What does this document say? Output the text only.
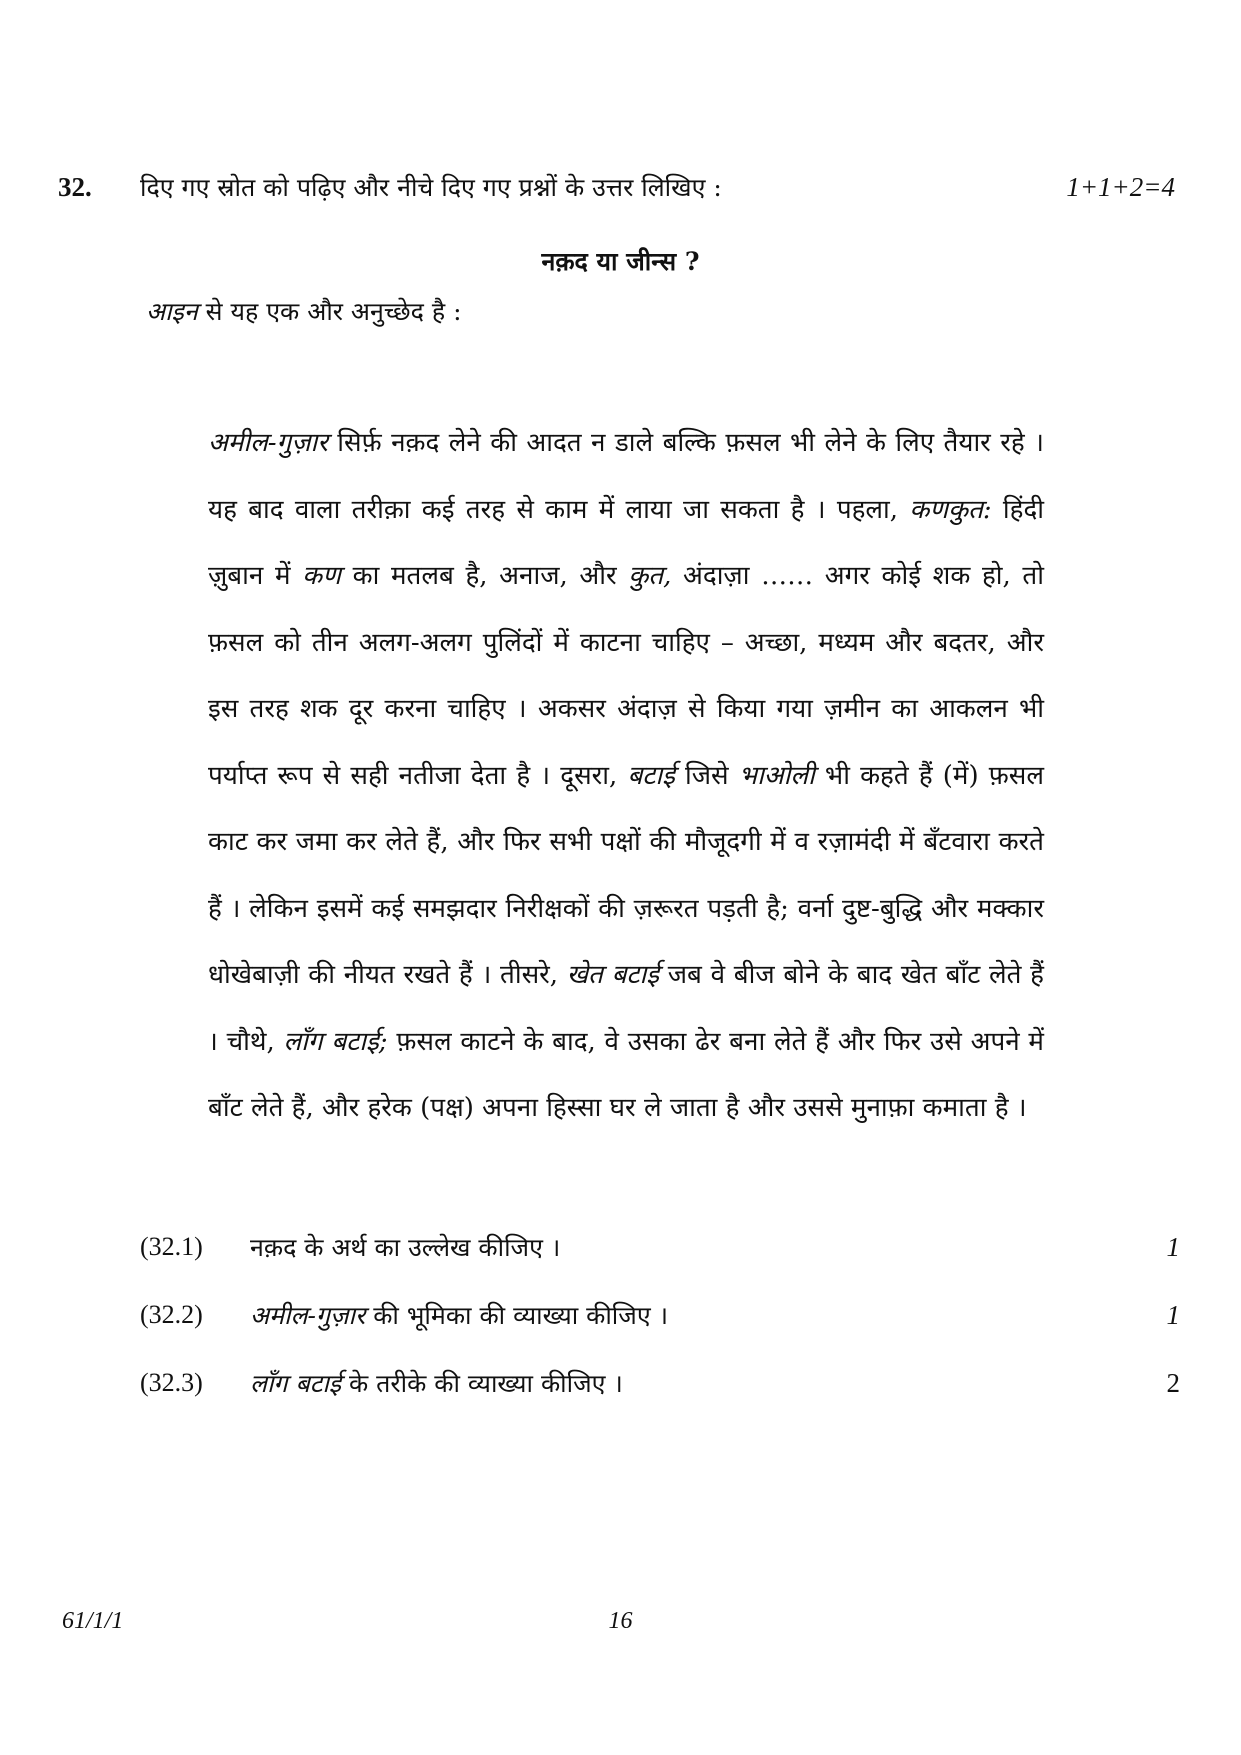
32. दिए गए स्रोत को पढ़िए और नीचे दिए गए प्रश्नों के उत्तर लिखिए :	1+1+2=4
नक़द या जीन्स ?
आइन से यह एक और अनुच्छेद है :

अमील-गुज़ार सिर्फ़ नक़द लेने की आदत न डाले बल्कि फ़सल भी लेने के लिए तैयार रहे । यह बाद वाला तरीक़ा कई तरह से काम में लाया जा सकता है । पहला, कणकुत: हिंदी ज़ुबान में कण का मतलब है, अनाज, और कुत, अंदाज़ा …… अगर कोई शक हो, तो फ़सल को तीन अलग-अलग पुलिंदों में काटना चाहिए – अच्छा, मध्यम और बदतर, और इस तरह शक दूर करना चाहिए । अकसर अंदाज़ से किया गया ज़मीन का आकलन भी पर्याप्त रूप से सही नतीजा देता है । दूसरा, बटाई जिसे भाओली भी कहते हैं (में) फ़सल काट कर जमा कर लेते हैं, और फिर सभी पक्षों की मौजूदगी में व रज़ामंदी में बँटवारा करते हैं । लेकिन इसमें कई समझदार निरीक्षकों की ज़रूरत पड़ती है; वर्ना दुष्ट-बुद्धि और मक्कार धोखेबाज़ी की नीयत रखते हैं । तीसरे, खेत बटाई जब वे बीज बोने के बाद खेत बाँट लेते हैं । चौथे, लाँग बटाई; फ़सल काटने के बाद, वे उसका ढेर बना लेते हैं और फिर उसे अपने में बाँट लेते हैं, और हरेक (पक्ष) अपना हिस्सा घर ले जाता है और उससे मुनाफ़ा कमाता है ।

(32.1) नक़द के अर्थ का उल्लेख कीजिए ।	1
(32.2) अमील-गुज़ार की भूमिका की व्याख्या कीजिए ।	1
(32.3) लाँग बटाई के तरीके की व्याख्या कीजिए ।	2
61/1/1	16
